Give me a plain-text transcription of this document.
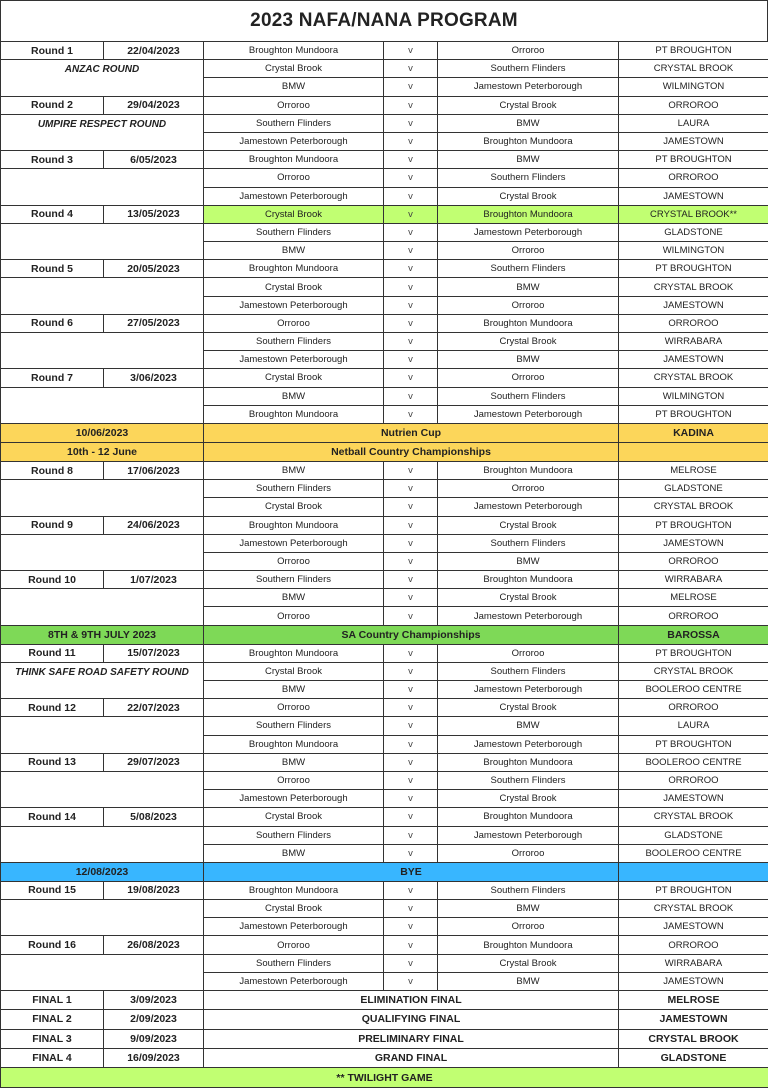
2023 NAFA/NANA PROGRAM
Round 1	22/04/2023	Broughton Mundoora	v	Orroroo	PT BROUGHTON
ANZAC ROUND		Crystal Brook	v	Southern Flinders	CRYSTAL BROOK
		BMW	v	Jamestown Peterborough	WILMINGTON
Round 2	29/04/2023	Orroroo	v	Crystal Brook	ORROROO
UMPIRE RESPECT ROUND		Southern Flinders	v	BMW	LAURA
		Jamestown Peterborough	v	Broughton Mundoora	JAMESTOWN
Round 3	6/05/2023	Broughton Mundoora	v	BMW	PT BROUGHTON
		Orroroo	v	Southern Flinders	ORROROO
		Jamestown Peterborough	v	Crystal Brook	JAMESTOWN
Round 4	13/05/2023	Crystal Brook	v	Broughton Mundoora	CRYSTAL BROOK**
		Southern Flinders	v	Jamestown Peterborough	GLADSTONE
		BMW	v	Orroroo	WILMINGTON
Round 5	20/05/2023	Broughton Mundoora	v	Southern Flinders	PT BROUGHTON
		Crystal Brook	v	BMW	CRYSTAL BROOK
		Jamestown Peterborough	v	Orroroo	JAMESTOWN
Round 6	27/05/2023	Orroroo	v	Broughton Mundoora	ORROROO
		Southern Flinders	v	Crystal Brook	WIRRABARA
		Jamestown Peterborough	v	BMW	JAMESTOWN
Round 7	3/06/2023	Crystal Brook	v	Orroroo	CRYSTAL BROOK
		BMW	v	Southern Flinders	WILMINGTON
		Broughton Mundoora	v	Jamestown Peterborough	PT BROUGHTON
10/06/2023		Nutrien Cup			KADINA
10th - 12 June		Netball Country Championships			
Round 8	17/06/2023	BMW	v	Broughton Mundoora	MELROSE
		Southern Flinders	v	Orroroo	GLADSTONE
		Crystal Brook	v	Jamestown Peterborough	CRYSTAL BROOK
Round 9	24/06/2023	Broughton Mundoora	v	Crystal Brook	PT BROUGHTON
		Jamestown Peterborough	v	Southern Flinders	JAMESTOWN
		Orroroo	v	BMW	ORROROO
Round 10	1/07/2023	Southern Flinders	v	Broughton Mundoora	WIRRABARA
		BMW	v	Crystal Brook	MELROSE
		Orroroo	v	Jamestown Peterborough	ORROROO
8TH & 9TH JULY 2023		SA Country Championships			BAROSSA
Round 11	15/07/2023	Broughton Mundoora	v	Orroroo	PT BROUGHTON
THINK SAFE ROAD SAFETY ROUND		Crystal Brook	v	Southern Flinders	CRYSTAL BROOK
		BMW	v	Jamestown Peterborough	BOOLEROO CENTRE
Round 12	22/07/2023	Orroroo	v	Crystal Brook	ORROROO
		Southern Flinders	v	BMW	LAURA
		Broughton Mundoora	v	Jamestown Peterborough	PT BROUGHTON
Round 13	29/07/2023	BMW	v	Broughton Mundoora	BOOLEROO CENTRE
		Orroroo	v	Southern Flinders	ORROROO
		Jamestown Peterborough	v	Crystal Brook	JAMESTOWN
Round 14	5/08/2023	Crystal Brook	v	Broughton Mundoora	CRYSTAL BROOK
		Southern Flinders	v	Jamestown Peterborough	GLADSTONE
		BMW	v	Orroroo	BOOLEROO CENTRE
12/08/2023		BYE			
Round 15	19/08/2023	Broughton Mundoora	v	Southern Flinders	PT BROUGHTON
		Crystal Brook	v	BMW	CRYSTAL BROOK
		Jamestown Peterborough	v	Orroroo	JAMESTOWN
Round 16	26/08/2023	Orroroo	v	Broughton Mundoora	ORROROO
		Southern Flinders	v	Crystal Brook	WIRRABARA
		Jamestown Peterborough	v	BMW	JAMESTOWN
FINAL 1	3/09/2023	ELIMINATION FINAL			MELROSE
FINAL 2	2/09/2023	QUALIFYING FINAL			JAMESTOWN
FINAL 3	9/09/2023	PRELIMINARY FINAL			CRYSTAL BROOK
FINAL 4	16/09/2023	GRAND FINAL			GLADSTONE
** TWILIGHT GAME					
